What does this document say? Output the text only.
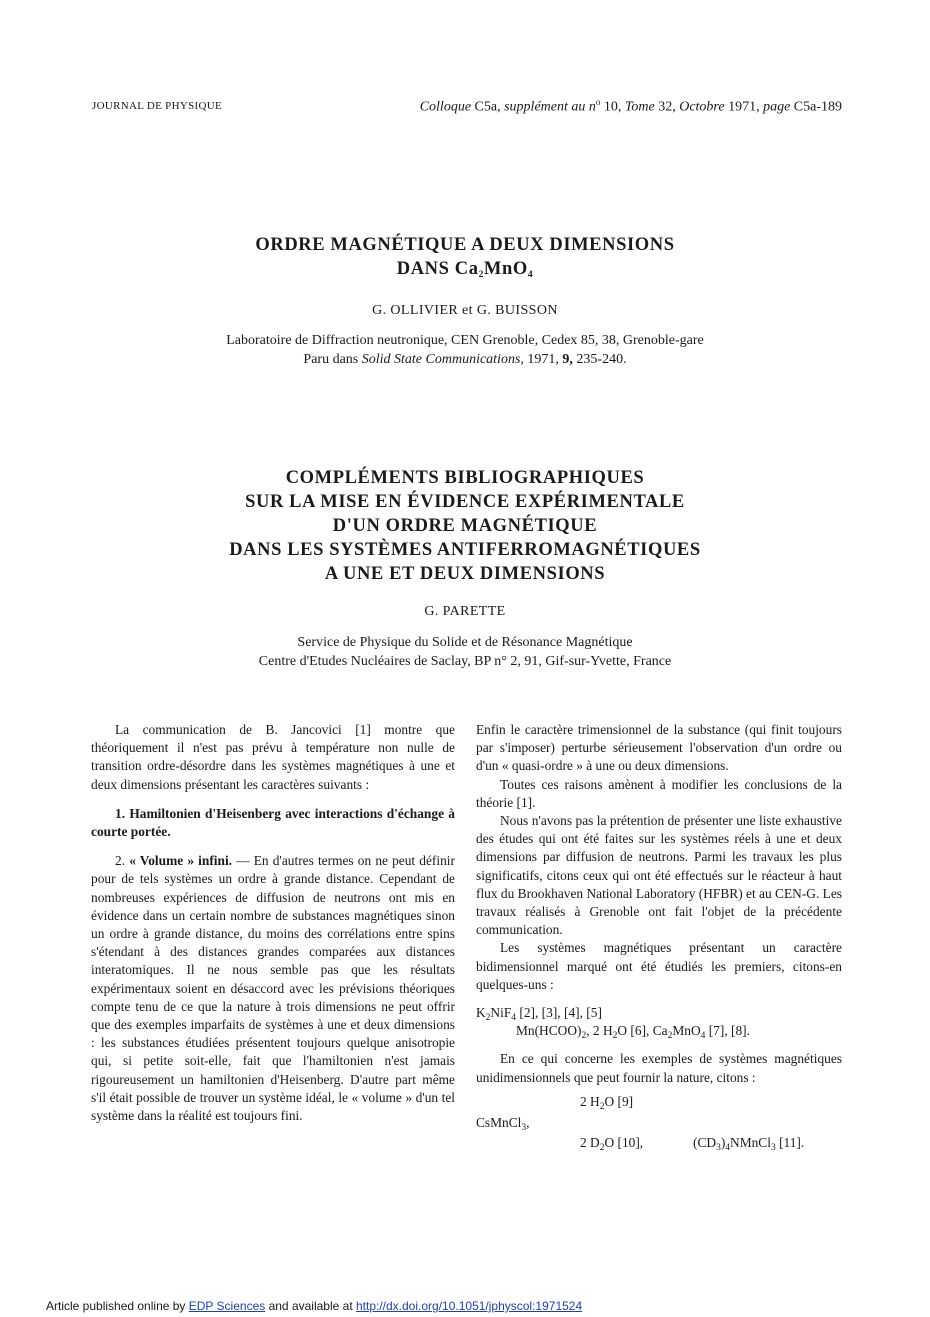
JOURNAL DE PHYSIQUE	Colloque C5a, supplément au $n^o$ 10, Tome 32, Octobre 1971, page C5a-189
ORDRE MAGNÉTIQUE A DEUX DIMENSIONS
DANS $Ca_2MnO_4$
G. OLLIVIER et G. BUISSON
Laboratoire de Diffraction neutronique, CEN Grenoble, Cedex 85, 38, Grenoble-gare
Paru dans Solid State Communications, 1971, 9, 235-240.
COMPLÉMENTS BIBLIOGRAPHIQUES
SUR LA MISE EN ÉVIDENCE EXPÉRIMENTALE
D'UN ORDRE MAGNÉTIQUE
DANS LES SYSTÈMES ANTIFERROMAGNÉTIQUES
A UNE ET DEUX DIMENSIONS
G. PARETTE
Service de Physique du Solide et de Résonance Magnétique
Centre d'Etudes Nucléaires de Saclay, BP n° 2, 91, Gif-sur-Yvette, France

La communication de B. Jancovici [1] montre que théoriquement il n'est pas prévu à température non nulle de transition ordre-désordre dans les systèmes magnétiques à une et deux dimensions présentant les caractères suivants :

1. Hamiltonien d'Heisenberg avec interactions d'échange à courte portée.

2. « Volume » infini. — En d'autres termes on ne peut définir pour de tels systèmes un ordre à grande distance. Cependant de nombreuses expériences de diffusion de neutrons ont mis en évidence dans un certain nombre de substances magnétiques sinon un ordre à grande distance, du moins des corrélations entre spins s'étendant à des distances grandes comparées aux distances interatomiques. Il ne nous semble pas que les résultats expérimentaux soient en désaccord avec les prévisions théoriques compte tenu de ce que la nature à trois dimensions ne peut offrir que des exemples imparfaits de systèmes à une et deux dimensions : les substances étudiées présentent toujours quelque anisotropie qui, si petite soit-elle, fait que l'hamiltonien n'est jamais rigoureusement un hamiltonien d'Heisenberg. D'autre part même s'il était possible de trouver un système idéal, le « volume » d'un tel système dans la réalité est toujours fini.

Enfin le caractère trimensionnel de la substance (qui finit toujours par s'imposer) perturbe sérieusement l'observation d'un ordre ou d'un « quasi-ordre » à une ou deux dimensions.

Toutes ces raisons amènent à modifier les conclusions de la théorie [1].

Nous n'avons pas la prétention de présenter une liste exhaustive des études qui ont été faites sur les systèmes réels à une et deux dimensions par diffusion de neutrons. Parmi les travaux les plus significatifs, citons ceux qui ont été effectués sur le réacteur à haut flux du Brookhaven National Laboratory (HFBR) et au CEN-G. Les travaux réalisés à Grenoble ont fait l'objet de la précédente communication.

Les systèmes magnétiques présentant un caractère bidimensionnel marqué ont été étudiés les premiers, citons-en quelques-uns :

$K_2NiF_4$ [2], [3], [4], [5]
$Mn(HCOO)_2$, 2 $H_2O$ [6], $Ca_2MnO_4$ [7], [8].

En ce qui concerne les exemples de systèmes magnétiques unidimensionnels que peut fournir la nature, citons :

2 $H_2O$ [9]
CsMnCl$_3$,
2 $D_2O$ [10],	$(CD_3)_4NMnCl_3$ [11].
Article published online by EDP Sciences and available at http://dx.doi.org/10.1051/jphyscol:1971524
